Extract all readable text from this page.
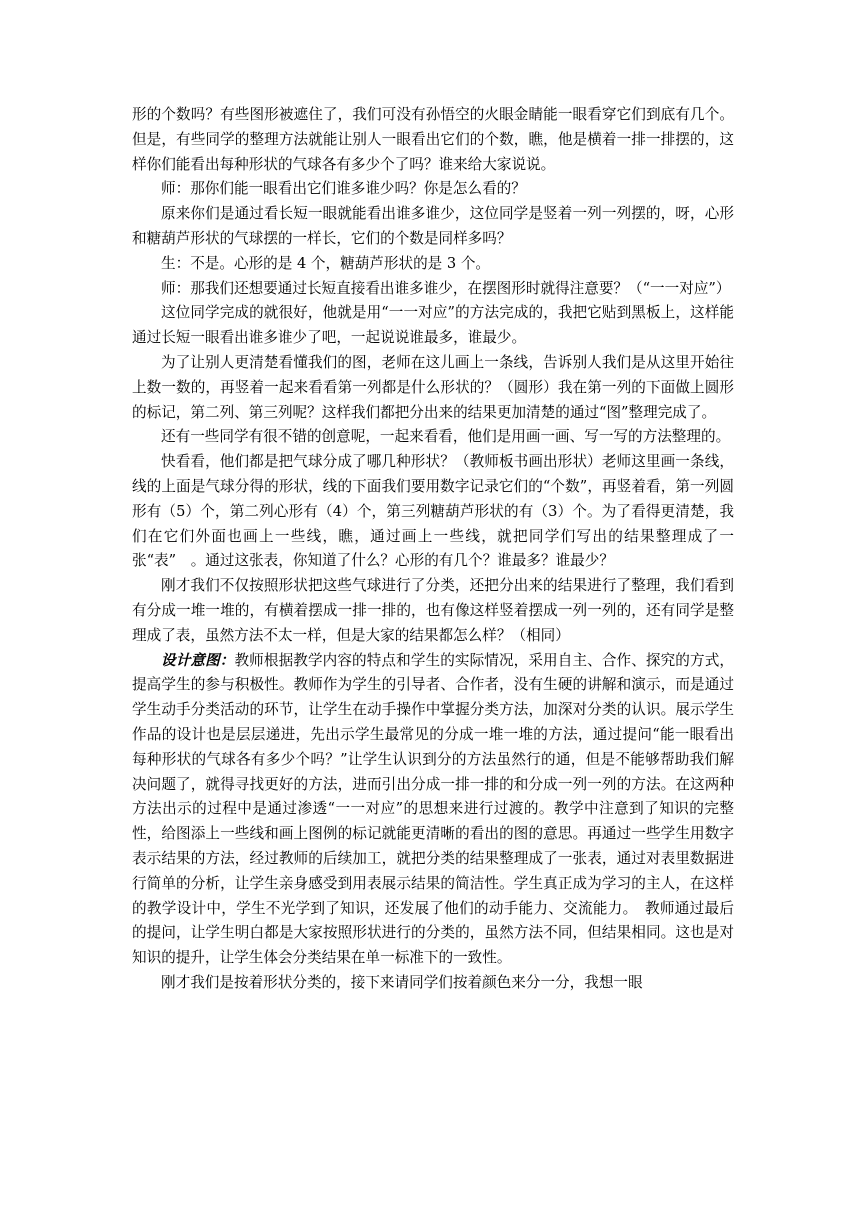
形的个数吗？有些图形被遮住了，我们可没有孙悟空的火眼金睛能一眼看穿它们到底有几个。但是，有些同学的整理方法就能让别人一眼看出它们的个数，瞧，他是横着一排一排摆的，这样你们能看出每种形状的气球各有多少个了吗？谁来给大家说说。

师：那你们能一眼看出它们谁多谁少吗？你是怎么看的？

原来你们是通过看长短一眼就能看出谁多谁少，这位同学是竖着一列一列摆的，呀，心形和糖葫芦形状的气球摆的一样长，它们的个数是同样多吗？

生：不是。心形的是 4 个，糖葫芦形状的是 3 个。

师：那我们还想要通过长短直接看出谁多谁少，在摆图形时就得注意要？（“一一对应”）

这位同学完成的就很好，他就是用“一一对应”的方法完成的，我把它贴到黑板上，这样能通过长短一眼看出谁多谁少了吧，一起说说谁最多，谁最少。

为了让别人更清楚看懂我们的图，老师在这儿画上一条线，告诉别人我们是从这里开始往上数一数的，再竖着一起来看看第一列都是什么形状的？（圆形）我在第一列的下面做上圆形的标记，第二列、第三列呢？这样我们都把分出来的结果更加清楚的通过“图”整理完成了。

还有一些同学有很不错的创意呢，一起来看看，他们是用画一画、写一写的方法整理的。

快看看，他们都是把气球分成了哪几种形状？（教师板书画出形状）老师这里画一条线，线的上面是气球分得的形状，线的下面我们要用数字记录它们的“个数”，再竖着看，第一列圆形有（5）个，第二列心形有（4）个，第三列糖葫芦形状的有（3）个。为了看得更清楚，我们在它们外面也画上一些线，瞧，通过画上一些线，就把同学们写出的结果整理成了一张“表”　。通过这张表，你知道了什么？心形的有几个？谁最多？谁最少？

刚才我们不仅按照形状把这些气球进行了分类，还把分出来的结果进行了整理，我们看到有分成一堆一堆的，有横着摆成一排一排的，也有像这样竖着摆成一列一列的，还有同学是整理成了表，虽然方法不太一样，但是大家的结果都怎么样？（相同）

设计意图：教师根据教学内容的特点和学生的实际情况，采用自主、合作、探究的方式，提高学生的参与积极性。教师作为学生的引导者、合作者，没有生硬的讲解和演示，而是通过学生动手分类活动的环节，让学生在动手操作中掌握分类方法，加深对分类的认识。展示学生作品的设计也是层层递进，先出示学生最常见的分成一堆一堆的方法，通过提问“能一眼看出每种形状的气球各有多少个吗？”让学生认识到分的方法虽然行的通，但是不能够帮助我们解决问题了，就得寻找更好的方法，进而引出分成一排一排的和分成一列一列的方法。在这两种方法出示的过程中是通过渗透“一一对应”的思想来进行过渡的。教学中注意到了知识的完整性，给图添上一些线和画上图例的标记就能更清晰的看出的图的意思。再通过一些学生用数字表示结果的方法，经过教师的后续加工，就把分类的结果整理成了一张表，通过对表里数据进行简单的分析，让学生亲身感受到用表展示结果的简洁性。学生真正成为学习的主人，在这样的教学设计中，学生不光学到了知识，还发展了他们的动手能力、交流能力。　教师通过最后的提问，让学生明白都是大家按照形状进行的分类的，虽然方法不同，但结果相同。这也是对知识的提升，让学生体会分类结果在单一标准下的一致性。

刚才我们是按着形状分类的，接下来请同学们按着颜色来分一分，我想一眼
